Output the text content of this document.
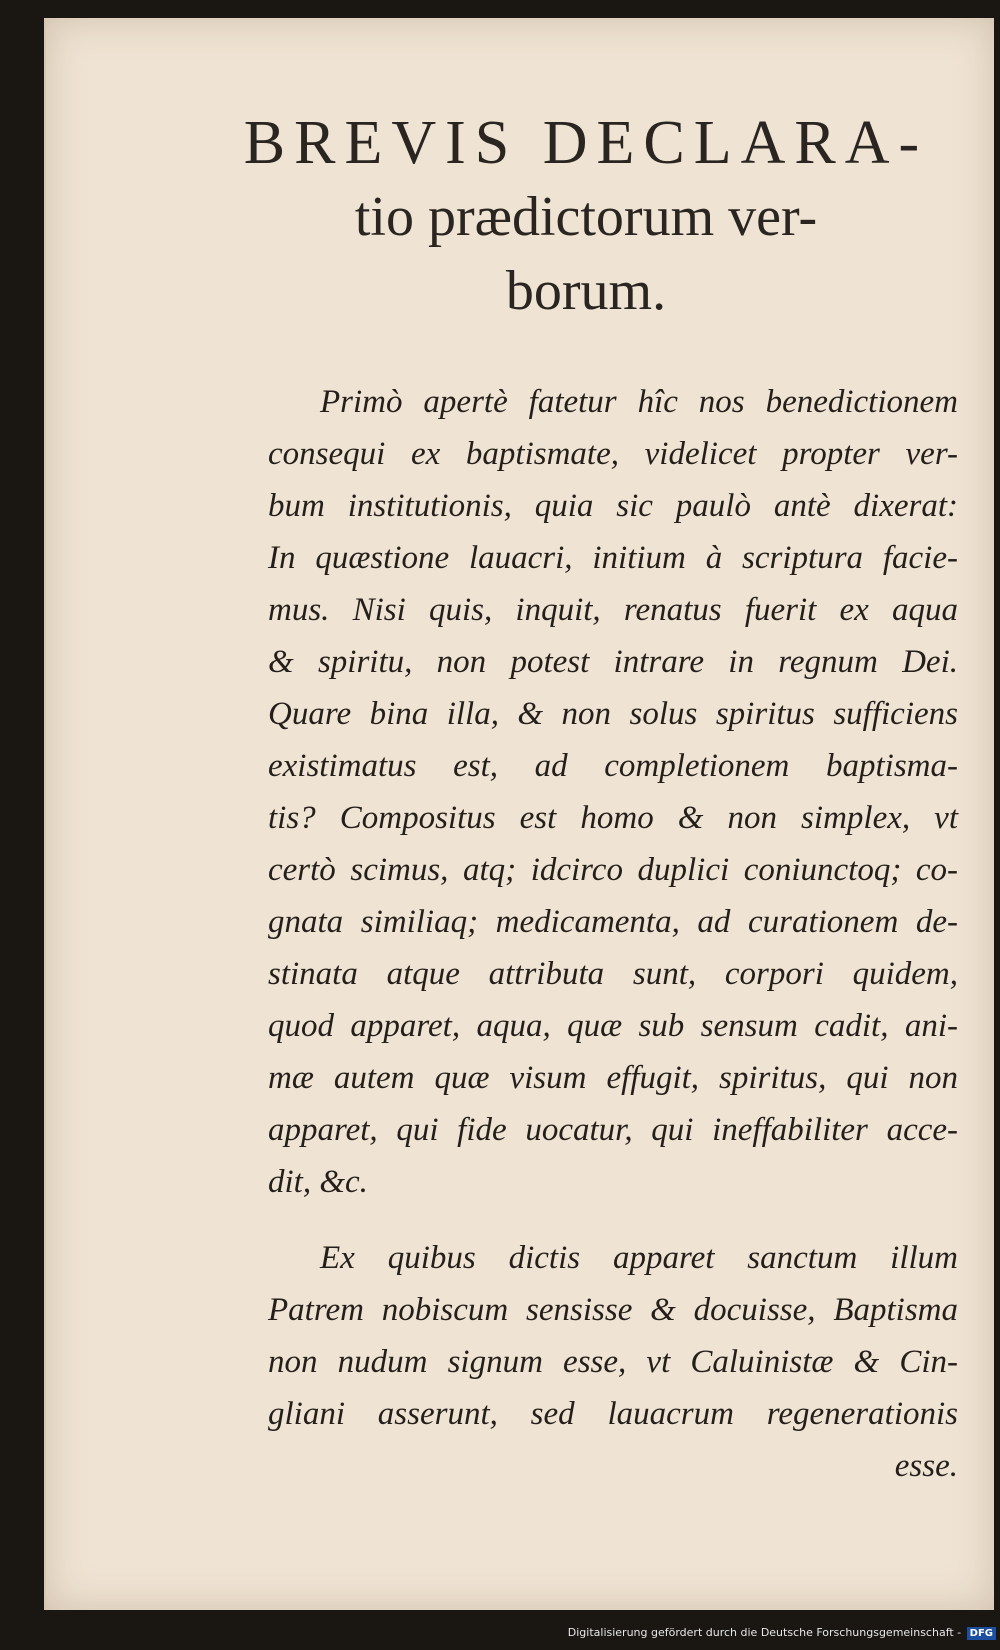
BREVIS DECLARA-
tio prædictorum ver-
borum.
Primò apertè fatetur hîc nos benedictionem
consequi ex baptismate, videlicet propter ver-
bum institutionis, quia sic paulò antè dixerat:
In quæstione lauacri, initium à scriptura facie-
mus. Nisi quis, inquit, renatus fuerit ex aqua
& spiritu, non potest intrare in regnum Dei.
Quare bina illa, & non solus spiritus sufficiens
existimatus est, ad completionem baptisma-
tis? Compositus est homo & non simplex, vt
certò scimus, atq; idcirco duplici coniunctoq; co-
gnata similiaq; medicamenta, ad curationem de-
stinata atque attributa sunt, corpori quidem,
quod apparet, aqua, quæ sub sensum cadit, ani-
mæ autem quæ visum effugit, spiritus, qui non
apparet, qui fide uocatur, qui ineffabiliter acce-
dit, &c.
Ex quibus dictis apparet sanctum illum
Patrem nobiscum sensisse & docuisse, Baptisma
non nudum signum esse, vt Caluinistæ & Cin-
gliani asserunt, sed lauacrum regenerationis
esse.
Digitalisierung gefördert durch die Deutsche Forschungsgemeinschaft - DFG
